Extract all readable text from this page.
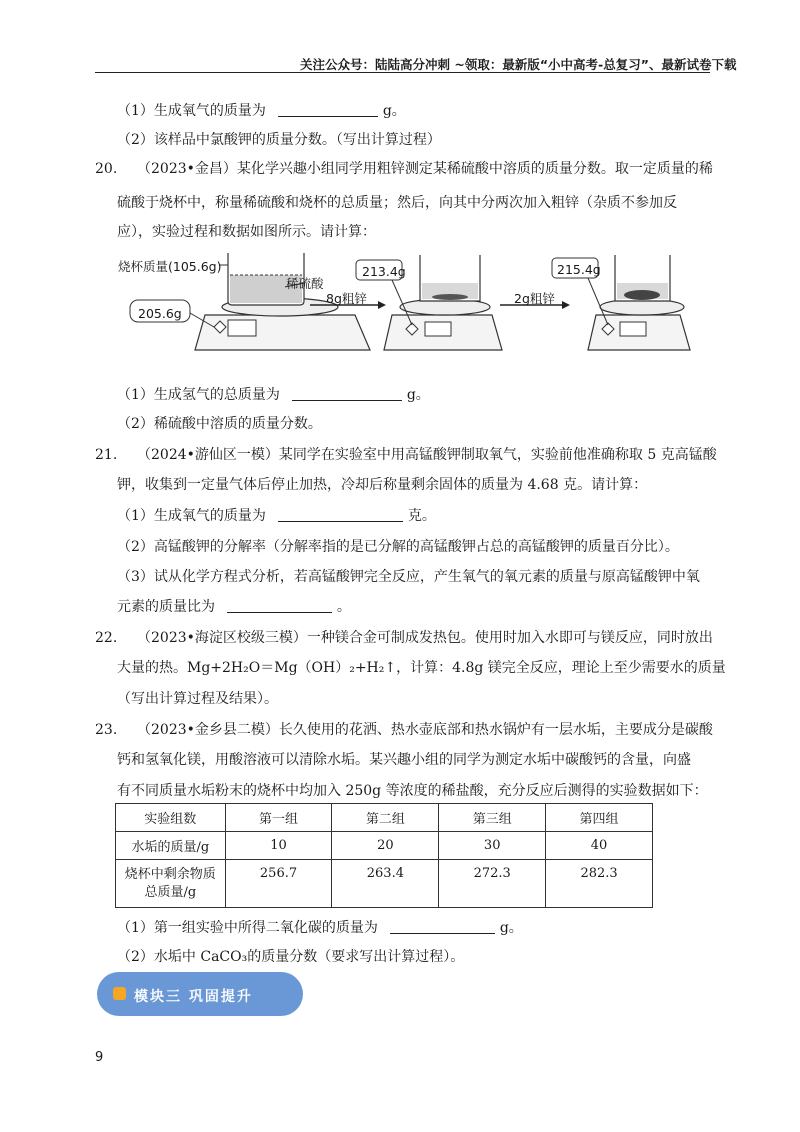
关注公众号：陆陆高分冲刺 ~领取：最新版“小中高考-总复习”、最新试卷下载
（1）生成氧气的质量为	g。
（2）该样品中氯酸钾的质量分数。（写出计算过程）
20. （2023•金昌）某化学兴趣小组同学用粗锌测定某稀硫酸中溶质的质量分数。取一定质量的稀
硫酸于烧杯中，称量稀硫酸和烧杯的总质量；然后，向其中分两次加入粗锌（杂质不参加反
应），实验过程和数据如图所示。请计算：
烧杯质量(105.6g)
稀硫酸
205.6g
8g粗锌
213.4g
2g粗锌
215.4g
（1）生成氢气的总质量为	g。
（2）稀硫酸中溶质的质量分数。
21. （2024•游仙区一模）某同学在实验室中用高锰酸钾制取氧气，实验前他准确称取 5 克高锰酸
钾，收集到一定量气体后停止加热，冷却后称量剩余固体的质量为 4.68 克。请计算：
（1）生成氧气的质量为	克。
（2）高锰酸钾的分解率（分解率指的是已分解的高锰酸钾占总的高锰酸钾的质量百分比）。
（3）试从化学方程式分析，若高锰酸钾完全反应，产生氧气的氧元素的质量与原高锰酸钾中氧
元素的质量比为	。
22. （2023•海淀区校级三模）一种镁合金可制成发热包。使用时加入水即可与镁反应，同时放出
大量的热。Mg+2H₂O＝Mg（OH）₂+H₂↑，计算：4.8g 镁完全反应，理论上至少需要水的质量
（写出计算过程及结果）。
23. （2023•金乡县二模）长久使用的花洒、热水壶底部和热水锅炉有一层水垢，主要成分是碳酸
钙和氢氧化镁，用酸溶液可以清除水垢。某兴趣小组的同学为测定水垢中碳酸钙的含量，向盛
有不同质量水垢粉末的烧杯中均加入 250g 等浓度的稀盐酸，充分反应后测得的实验数据如下：
实验组数	第一组	第二组	第三组	第四组
水垢的质量/g	10	20	30	40

烧杯中剩余物质
总质量/g	256.7	263.4	272.3	282.3
（1）第一组实验中所得二氧化碳的质量为	g。
（2）水垢中 CaCO₃的质量分数（要求写出计算过程）。
模块三 巩固提升
9
